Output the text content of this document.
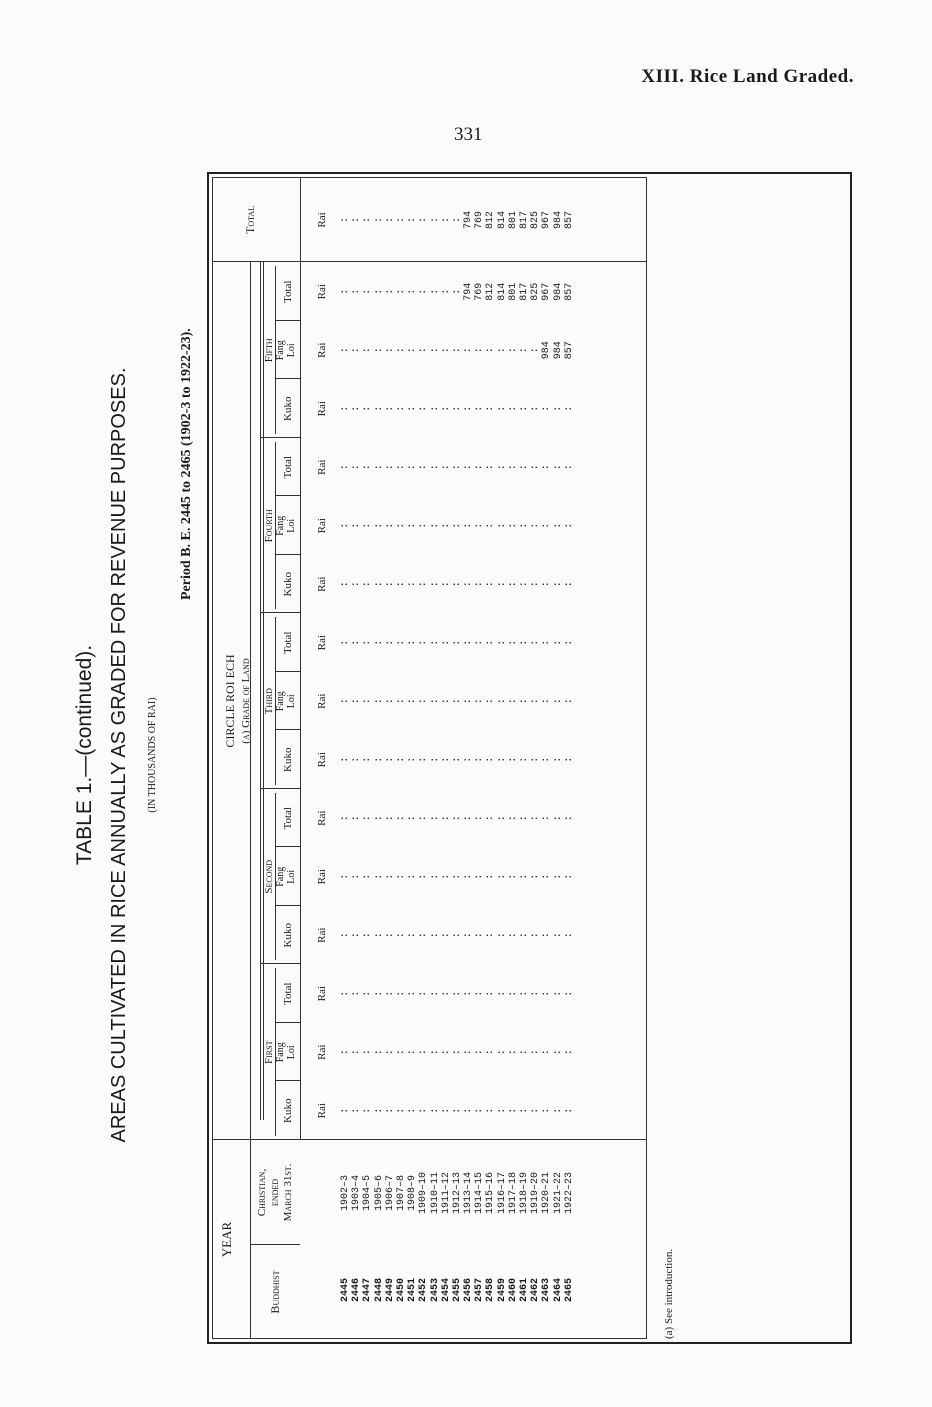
XIII. Rice Land Graded.
331
TABLE 1.—(continued). AREAS CULTIVATED IN RICE ANNUALLY AS GRADED FOR REVENUE PURPOSES. (IN THOUSANDS OF RAI)
Period B. E. 2445 to 2465 (1902-3 to 1922-23).
YEAR
Buddhist
Christian, ended March 31st.
CIRCLE ROI ECH (a) Grade of Land
Total
First
Kuko
Fang Loi
Total
Second
Kuko
Fang Loi
Total
Third
Kuko
Fang Loi
Total
Fourth
Kuko
Fang Loi
Total
Fifth
Kuko
Fang Loi
Total
Rai
Rai
Rai
Rai
Rai
Rai
Rai
Rai
Rai
Rai
Rai
Rai
Rai
Rai
Rai
Rai
: : : : : : : : : : : : : : : : : : : : :
: : : : : : : : : : : : : : : : : : : : :
: : : : : : : : : : : : : : : : : : : : :
: : : : : : : : : : : : : : : : : : : : :
: : : : : : : : : : : : : : : : : : : : :
: : : : : : : : : : : : : : : : : : : : :
: : : : : : : : : : : : : : : : : : : : :
: : : : : : : : : : : : : : : : : : : : :
: : : : : : : : : : : : : : : : : : : : :
: : : : : : : : : : : : : : : : : : : : :
: : : : : : : : : : : : : : : : : : : : :
: : : : : : : : : : : : : : : : : : : : :
: : : : : : : : : : : : : : : : : : : : :
: : : : : : : : : : : : : : : : : : 984 984 857
: : : : : : : : : : : 794 769 812 814 801 817 825 967 984 857
: : : : : : : : : : : 794 769 812 814 801 817 825 967 984 857
2445 2446 2447 2448 2449 2450 2451 2452 2453 2454 2455 2456 2457 2458 2459 2460 2461 2462 2463 2464 2465
1902–3 1903–4 1904–5 1905–6 1906–7 1907–8 1908–9 1909–10 1910–11 1911–12 1912–13 1913–14 1914–15 1915–16 1916–17 1917–18 1918–19 1919–20 1920–21 1921–22 1922–23
(a) See introduction.
